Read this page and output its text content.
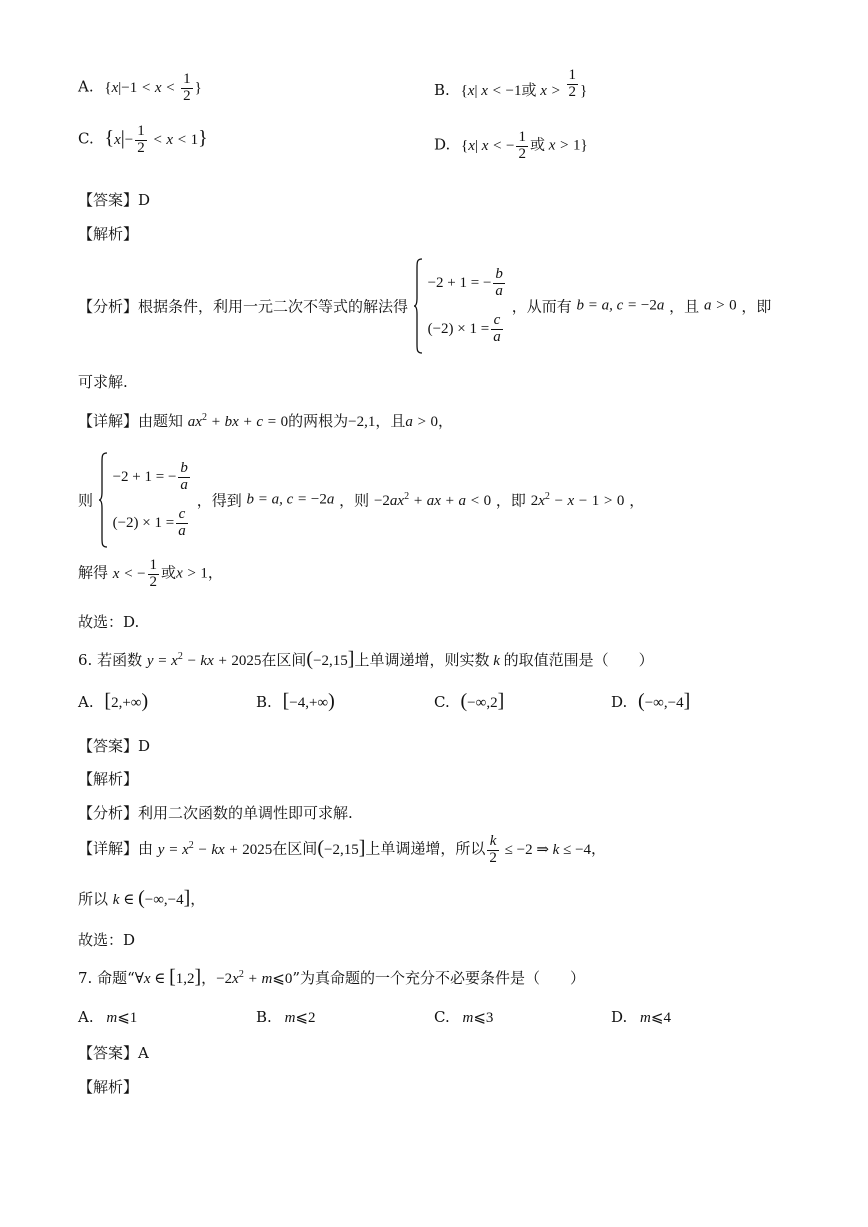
A. {$x|-1 < x < \frac{1}{2}$ }	B. {x| x < −1或 $x > \frac{1}{2}$ }
C. $\{x|- \frac{1}{2} < x < 1\}$	D. {x| x < − $\frac{1}{2}$ 或 x > 1}
【答案】D
【解析】
【分析】根据条件，利用一元二次不等式的解法得
−2 + 1 = − $\frac{b}{a}$
$(-2) \times 1 = \frac{c}{a}$
，从而有 b = a, c = −2a ，且 a > 0 ，即
可求解.
【详解】由题知 $ax^2$ + bx + c = 0的两根为−2,1，且a > 0，
则
−2 + 1 = − $\frac{b}{a}$
$(-2) \times 1 = \frac{c}{a}$
，得到 b = a, c = −2a ，则 $-2ax^2$ + ax + a < 0 ，即 $2x^2 - x - 1 > 0$ ，
解得 x < − $\frac{1}{2}$ 或x > 1，
故选：D.
6. 若函数 $y = x^2$ − kx + 2025在区间(−2,15]上单调递增，则实数 k 的取值范围是（　　）
A. [2,+∞)	B. [−4,+∞)	C. (−∞,2]	D. (−∞,−4]
【答案】D
【解析】
【分析】利用二次函数的单调性即可求解.
【详解】由 $y = x^2$ − kx + 2025在区间(−2,15]上单调递增，所以 $\frac{k}{2} \le -2$ ⇒ k ≤ −4，
所以 k ∈ (−∞,−4]，
故选：D
7. 命题“∀x ∈ [1,2]，$-2x^2$ + m⩽0”为真命题的一个充分不必要条件是（　　）
A. m⩽1	B. m⩽2	C. m⩽3	D. m⩽4
【答案】A
【解析】
